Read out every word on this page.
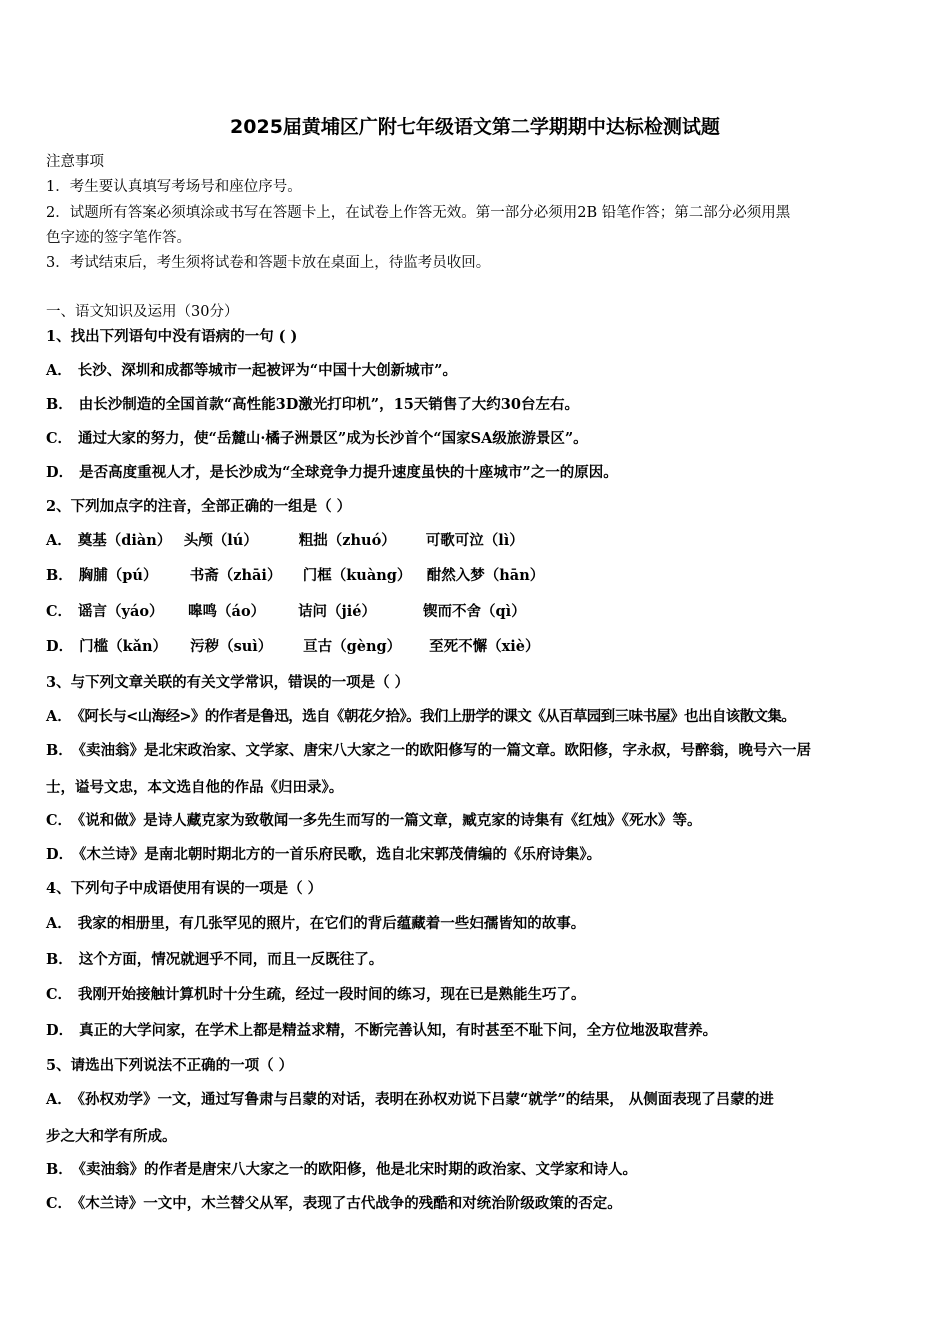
2025届黄埔区广附七年级语文第二学期期中达标检测试题
注意事项
1．考生要认真填写考场号和座位序号。
2．试题所有答案必须填涂或书写在答题卡上，在试卷上作答无效。第一部分必须用2B 铅笔作答；第二部分必须用黑
色字迹的签字笔作答。
3．考试结束后，考生须将试卷和答题卡放在桌面上，待监考员收回。
一、语文知识及运用（30分）
1、找出下列语句中没有语病的一句 ( )
A． 长沙、深圳和成都等城市一起被评为“中国十大创新城市”。
B． 由长沙制造的全国首款“高性能3D激光打印机”，15天销售了大约30台左右。
C． 通过大家的努力，使“岳麓山·橘子洲景区”成为长沙首个“国家SA级旅游景区”。
D． 是否高度重视人才，是长沙成为“全球竞争力提升速度虽快的十座城市”之一的原因。
2、下列加点字的注音，全部正确的一组是（ ）
A． 奠基（diàn） 头颅（lú）	粗拙（zhuó） 可歌可泣（lì）
B． 胸脯（pú） 书斋（zhāi） 门框（kuàng） 酣然入梦（hān）
C． 谣言（yáo） 嗥鸣（áo） 诘问（jié）	锲而不舍（qì）
D． 门槛（kǎn） 污秽（suì） 亘古（gèng） 至死不懈（xiè）
3、与下列文章关联的有关文学常识，错误的一项是（ ）
A． 《阿长与<山海经>》的作者是鲁迅，选自《朝花夕拾》。我们上册学的课文《从百草园到三味书屋》也出自该散文集。
B． 《卖油翁》是北宋政治家、文学家、唐宋八大家之一的欧阳修写的一篇文章。欧阳修，字永叔，号醉翁，晚号六一居
士，谥号文忠，本文选自他的作品《归田录》。
C． 《说和做》是诗人藏克家为致敬闻一多先生而写的一篇文章，臧克家的诗集有《红烛》《死水》等。
D． 《木兰诗》是南北朝时期北方的一首乐府民歌，选自北宋郭茂倩编的《乐府诗集》。
4、下列句子中成语使用有误的一项是（ ）
A． 我家的相册里，有几张罕见的照片，在它们的背后蕴藏着一些妇孺皆知的故事。
B． 这个方面，情况就迥乎不同，而且一反既往了。
C． 我刚开始接触计算机时十分生疏，经过一段时间的练习，现在已是熟能生巧了。
D． 真正的大学问家，在学术上都是精益求精，不断完善认知，有时甚至不耻下问，全方位地汲取营养。
5、请选出下列说法不正确的一项（ ）
A． 《孙权劝学》一文，通过写鲁肃与吕蒙的对话，表明在孙权劝说下吕蒙“就学”的结果， 从侧面表现了吕蒙的进
步之大和学有所成。
B． 《卖油翁》的作者是唐宋八大家之一的欧阳修，他是北宋时期的政治家、文学家和诗人。
C． 《木兰诗》一文中，木兰替父从军，表现了古代战争的残酷和对统治阶级政策的否定。
